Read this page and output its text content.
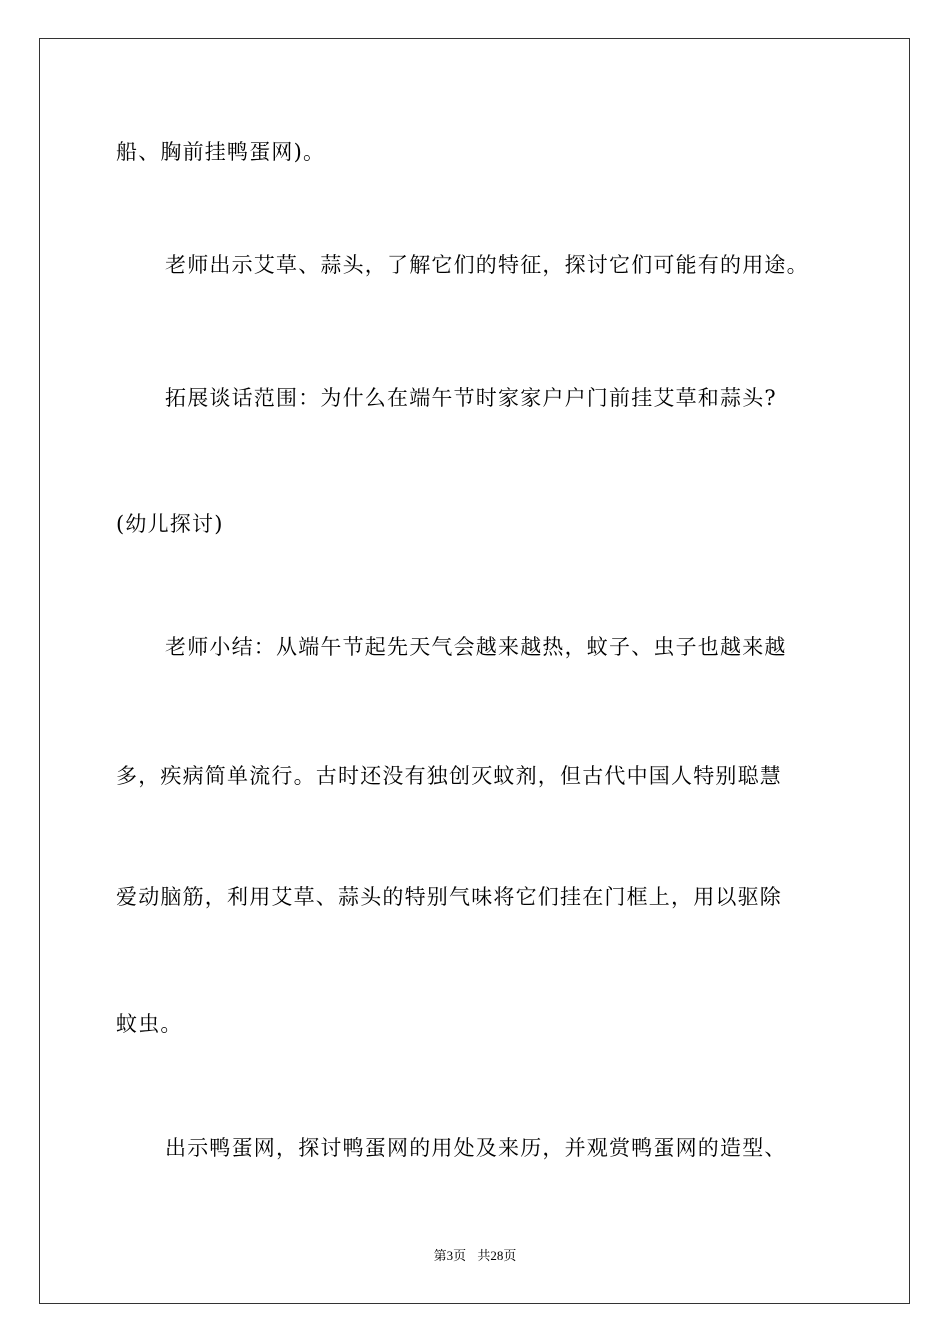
船、胸前挂鸭蛋网)。
老师出示艾草、蒜头，了解它们的特征，探讨它们可能有的用途。
拓展谈话范围：为什么在端午节时家家户户门前挂艾草和蒜头?
(幼儿探讨)
老师小结：从端午节起先天气会越来越热，蚊子、虫子也越来越
多，疾病简单流行。古时还没有独创灭蚊剂，但古代中国人特别聪慧
爱动脑筋，利用艾草、蒜头的特别气味将它们挂在门框上，用以驱除
蚊虫。
出示鸭蛋网，探讨鸭蛋网的用处及来历，并观赏鸭蛋网的造型、
第3页 共28页
